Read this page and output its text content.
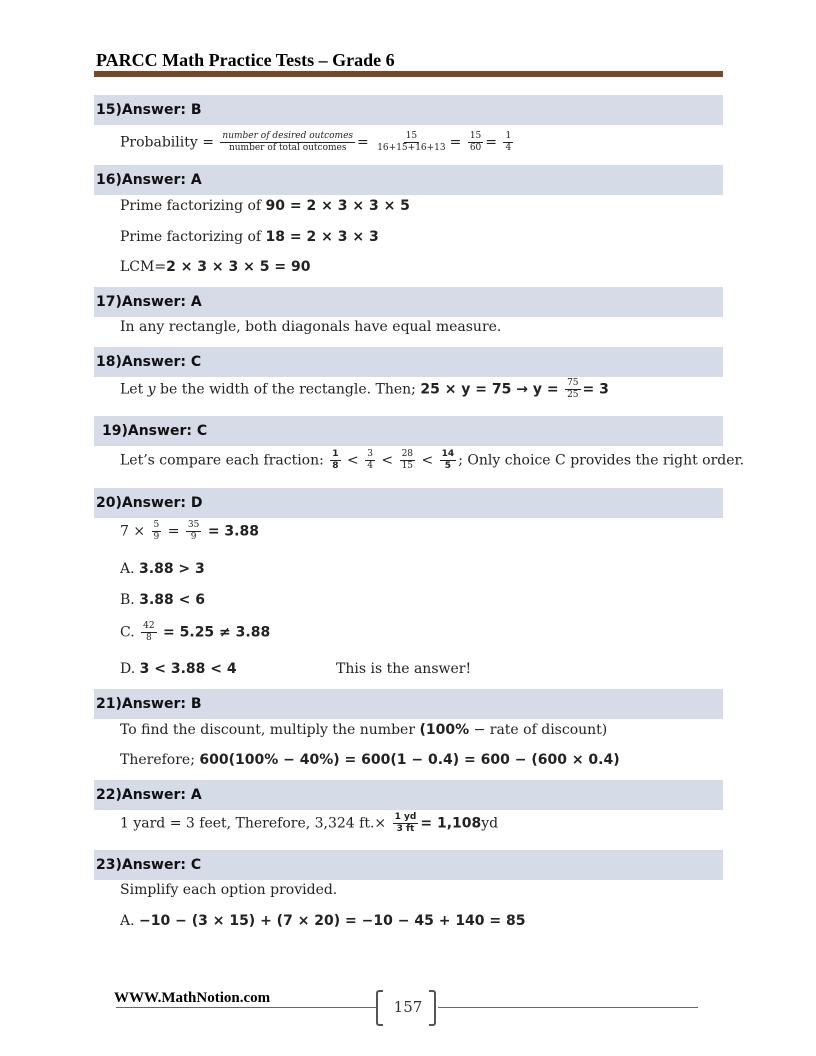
PARCC Math Practice Tests – Grade 6
15)Answer: B
Probability = $\frac{\text{number of desired outcomes}}{\text{number of total outcomes}} = \frac{15}{16+15+16+13} = \frac{15}{60} = \frac{1}{4}$
16)Answer: A
Prime factorizing of 90 = 2 × 3 × 3 × 5
Prime factorizing of 18 = 2 × 3 × 3
LCM=2 × 3 × 3 × 5 = 90
17)Answer: A
In any rectangle, both diagonals have equal measure.
18)Answer: C
Let y be the width of the rectangle. Then; $25 \times y = 75 \to y = \frac{75}{25} = 3$
19)Answer: C
Let’s compare each fraction: $\frac{1}{8} < \frac{3}{4} < \frac{28}{15} < \frac{14}{5}$ ; Only choice C provides the right order.
20)Answer: D
$7 \times \frac{5}{9} = \frac{35}{9} = 3.88$
A. 3.88 > 3
B. 3.88 < 6
C. $\frac{42}{8} = 5.25 \ne 3.88$
D. 3 < 3.88 < 4	This is the answer!
21)Answer: B
To find the discount, multiply the number (100% − rate of discount)
Therefore; 600(100% − 40%) = 600(1 − 0.4) = 600 − (600 × 0.4)
22)Answer: A
1 yard = 3 feet, Therefore, 3,324 $ft.\times \frac{1 yd}{3 ft} = 1,108yd$
23)Answer: C
Simplify each option provided.
A. −10 − (3 × 15) + (7 × 20) = −10 − 45 + 140 = 85
WWW.MathNotion.com	157
